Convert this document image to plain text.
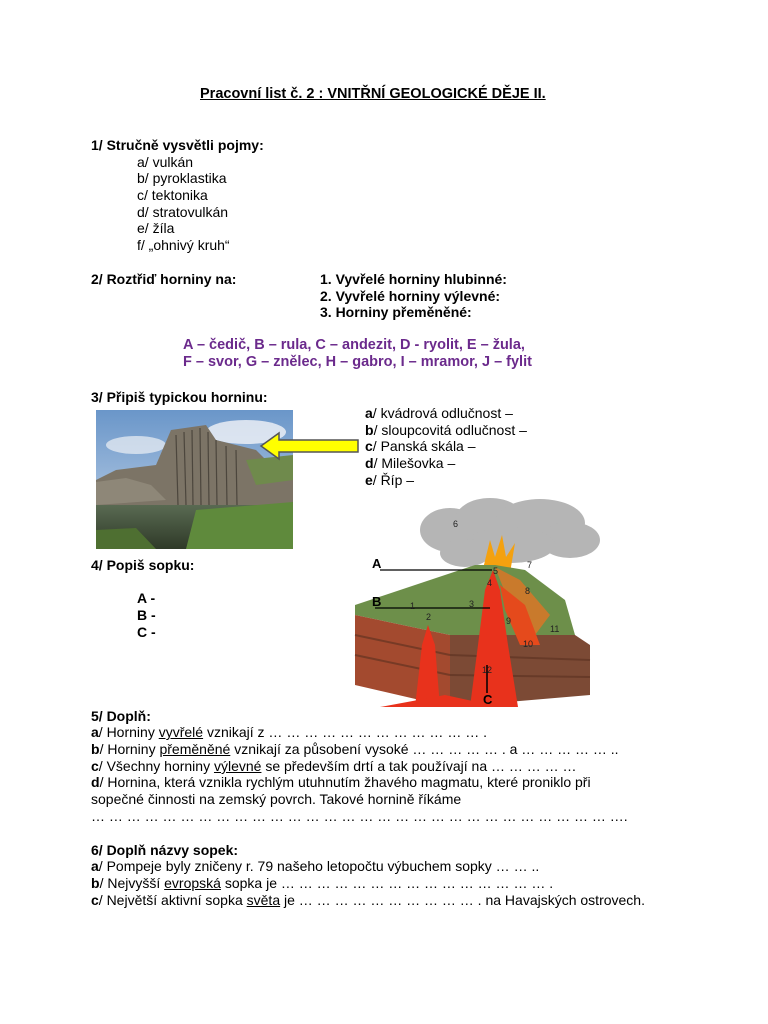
Pracovní list č. 2 : VNITŘNÍ GEOLOGICKÉ DĚJE II.
1/ Stručně vysvětli pojmy:
a/ vulkán
b/ pyroklastika
c/ tektonika
d/ stratovulkán
e/ žíla
f/ „ohnivý kruh“
2/ Roztřiď horniny na:	1. Vyvřelé horniny hlubinné:
2. Vyvřelé horniny výlevné:
3. Horniny přeměněné:
A – čedič, B – rula, C – andezit, D - ryolit, E – žula,
F – svor, G – znělec, H – gabro, I – mramor, J – fylit
3/ Připiš typickou horninu:
a/ kvádrová odlučnost –
b/ sloupcovitá odlučnost –
c/ Panská skála –
d/ Milešovka –
e/ Říp –
A
B
C
1
2
3
4
5
6
7
8
9
10
11
12
4/ Popiš sopku:
A -
B -
C -
5/ Doplň:
a/ Horniny vyvřelé vznikají z … … … … … … … … … … … … .
b/ Horniny přeměněné vznikají za působení vysoké … … … … … . a … … … … … ..
c/ Všechny horniny výlevné se především drtí a tak používají na … … … … …
d/ Hornina, která vznikla rychlým utuhnutím žhavého magmatu, které proniklo při
sopečné činnosti na zemský povrch. Takové hornině říkáme
… … … … … … … … … … … … … … … … … … … … … … … … … … … … … ….
6/ Doplň názvy sopek:
a/ Pompeje byly zničeny r. 79 našeho letopočtu výbuchem sopky … … ..
b/ Nejvyšší evropská sopka je … … … … … … … … … … … … … … … .
c/ Největší aktivní sopka světa je … … … … … … … … … … . na Havajských ostrovech.
